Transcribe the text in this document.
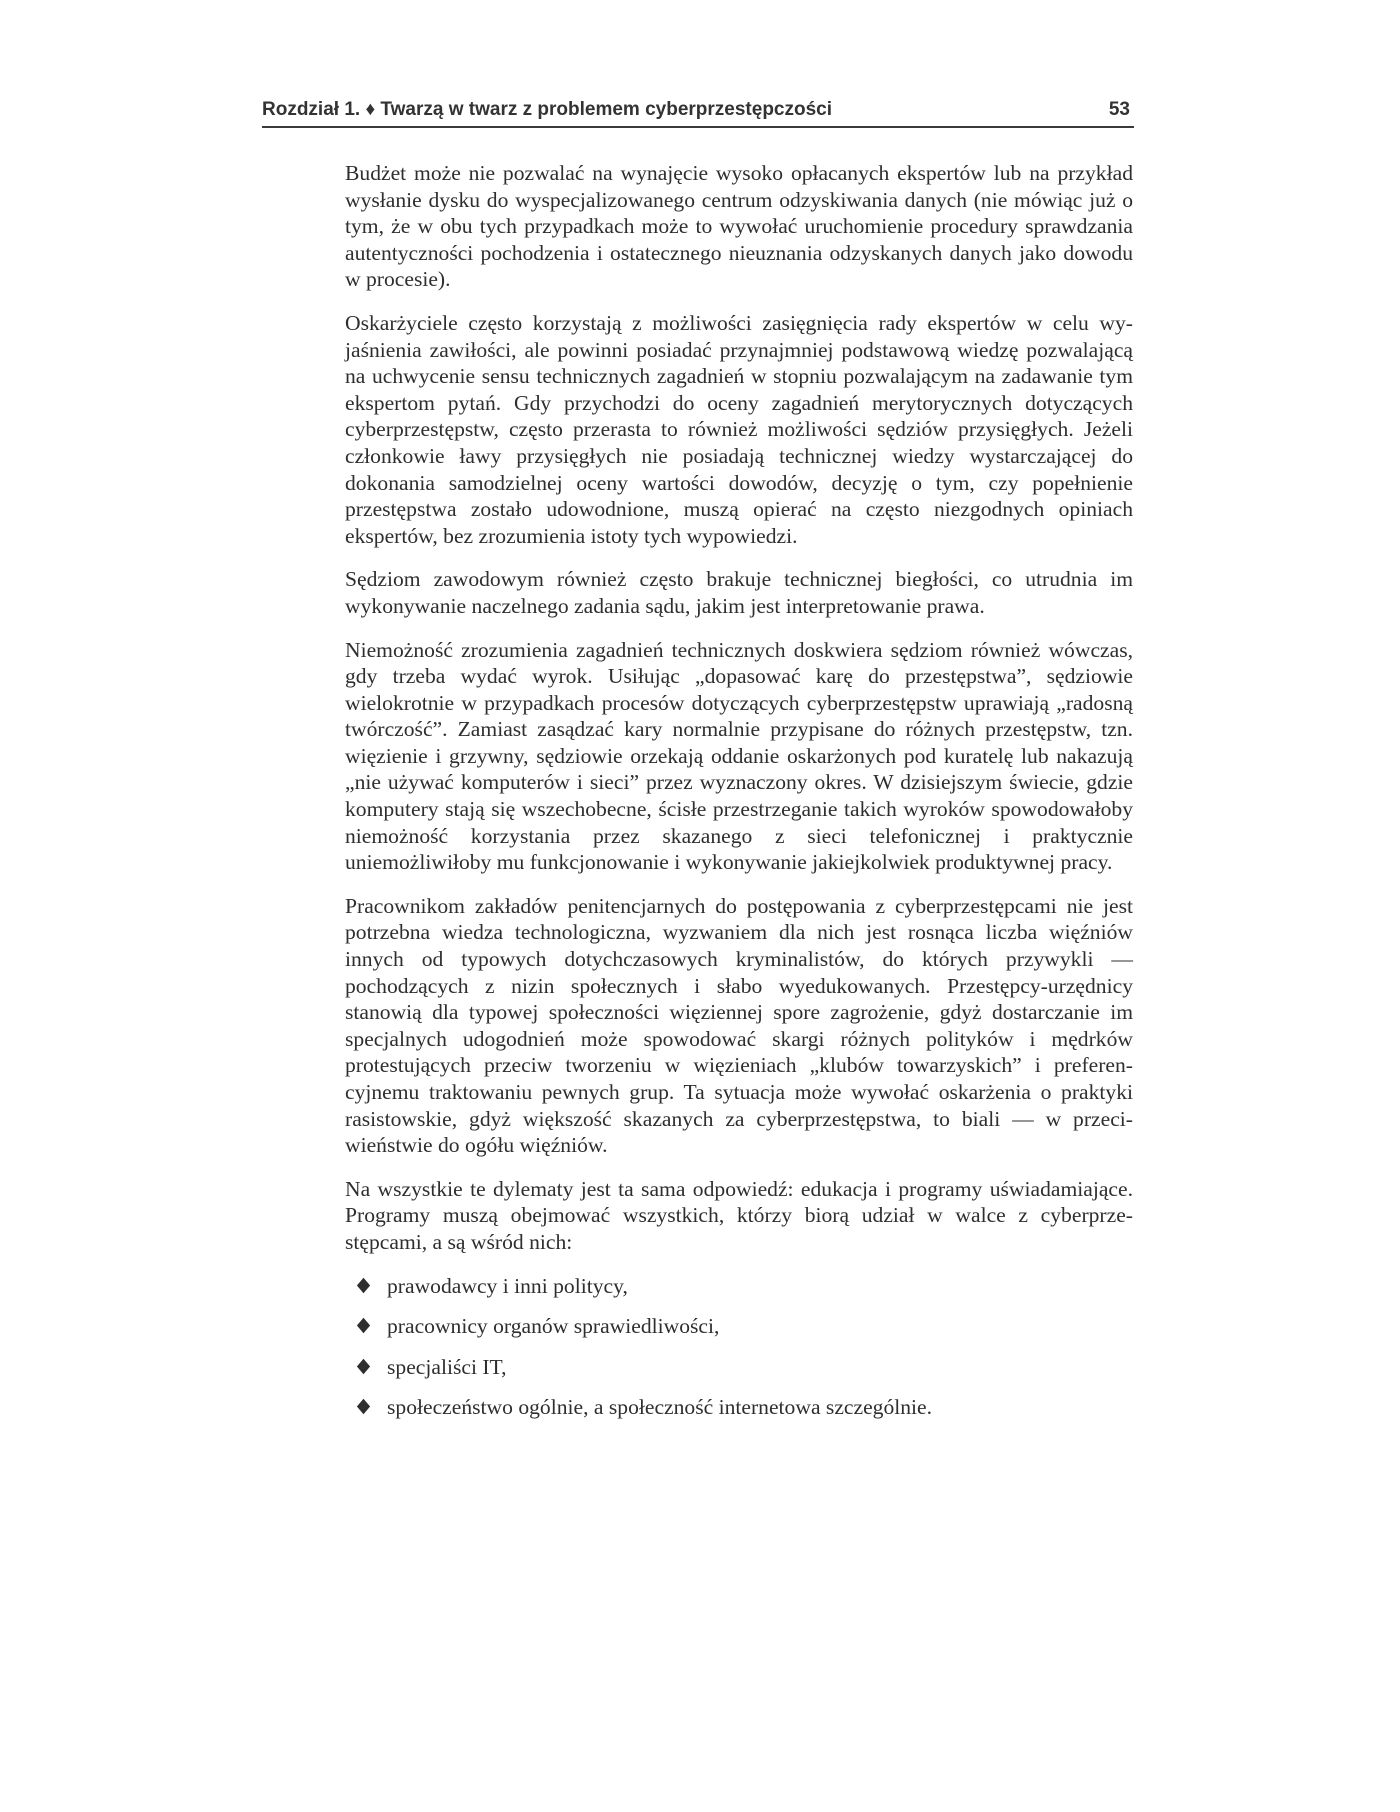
Rozdział 1. ♦ Twarzą w twarz z problemem cyberprzestępczości	53

Budżet może nie pozwalać na wynajęcie wysoko opłacanych ekspertów lub na przykład wysłanie dysku do wyspecjalizowanego centrum odzyskiwania danych (nie mówiąc już o tym, że w obu tych przypadkach może to wywołać uruchomienie procedury sprawdzania autentyczności pochodzenia i ostatecznego nieuznania odzyskanych danych jako dowodu w procesie).

Oskarżyciele często korzystają z możliwości zasięgnięcia rady ekspertów w celu wyjaśnienia zawiłości, ale powinni posiadać przynajmniej podstawową wiedzę pozwalającą na uchwycenie sensu technicznych zagadnień w stopniu pozwalającym na zadawanie tym ekspertom pytań. Gdy przychodzi do oceny zagadnień merytorycznych dotyczących cyberprzestępstw, często przerasta to również możliwości sędziów przysięgłych. Jeżeli członkowie ławy przysięgłych nie posiadają technicznej wiedzy wystarczającej do dokonania samodzielnej oceny wartości dowodów, decyzję o tym, czy popełnienie przestępstwa zostało udowodnione, muszą opierać na często niezgodnych opiniach ekspertów, bez zrozumienia istoty tych wypowiedzi.

Sędziom zawodowym również często brakuje technicznej biegłości, co utrudnia im wykonywanie naczelnego zadania sądu, jakim jest interpretowanie prawa.

Niemożność zrozumienia zagadnień technicznych doskwiera sędziom również wówczas, gdy trzeba wydać wyrok. Usiłując „dopasować karę do przestępstwa”, sędziowie wielokrotnie w przypadkach procesów dotyczących cyberprzestępstw uprawiają „radosną twórczość”. Zamiast zasądzać kary normalnie przypisane do różnych przestępstw, tzn. więzienie i grzywny, sędziowie orzekają oddanie oskarżonych pod kuratelę lub nakazują „nie używać komputerów i sieci” przez wyznaczony okres. W dzisiejszym świecie, gdzie komputery stają się wszechobecne, ścisłe przestrzeganie takich wyroków spowodowałoby niemożność korzystania przez skazanego z sieci telefonicznej i praktycznie uniemożliwiłoby mu funkcjonowanie i wykonywanie jakiejkolwiek produktywnej pracy.

Pracownikom zakładów penitencjarnych do postępowania z cyberprzestępcami nie jest potrzebna wiedza technologiczna, wyzwaniem dla nich jest rosnąca liczba więźniów innych od typowych dotychczasowych kryminalistów, do których przywykli — pochodzących z nizin społecznych i słabo wyedukowanych. Przestępcy-urzędnicy stanowią dla typowej społeczności więziennej spore zagrożenie, gdyż dostarczanie im specjalnych udogodnień może spowodować skargi różnych polityków i mędrków protestujących przeciw tworzeniu w więzieniach „klubów towarzyskich” i preferencyjnemu traktowaniu pewnych grup. Ta sytuacja może wywołać oskarżenia o praktyki rasistowskie, gdyż większość skazanych za cyberprzestępstwa, to biali — w przeciwieństwie do ogółu więźniów.

Na wszystkie te dylematy jest ta sama odpowiedź: edukacja i programy uświadamiające. Programy muszą obejmować wszystkich, którzy biorą udział w walce z cyberprzestępcami, a są wśród nich:

prawodawcy i inni politycy,
pracownicy organów sprawiedliwości,
specjaliści IT,
społeczeństwo ogólnie, a społeczność internetowa szczególnie.
